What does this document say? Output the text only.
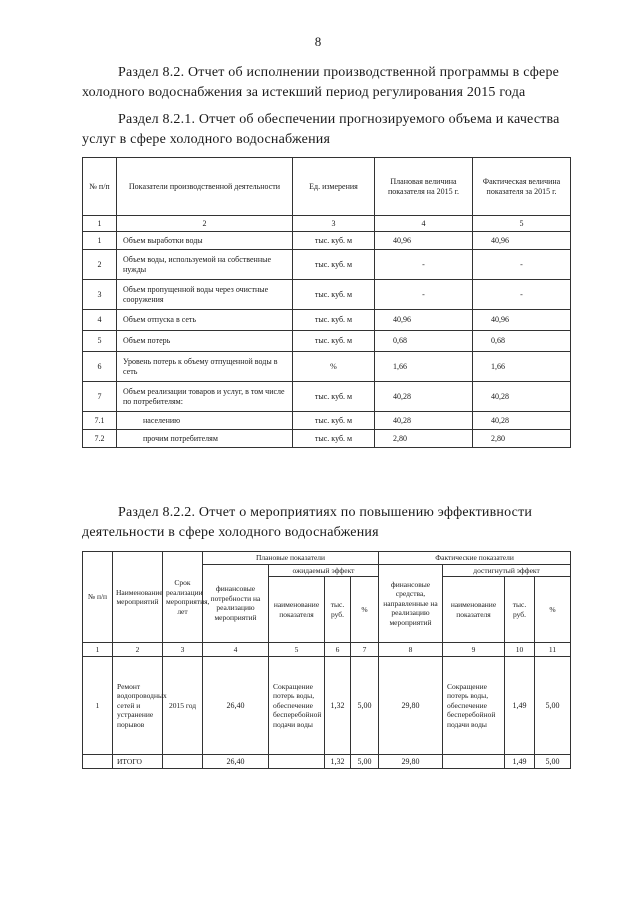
8
Раздел 8.2. Отчет об исполнении производственной программы в сфере холодного водоснабжения за истекший период регулирования 2015 года
Раздел 8.2.1. Отчет об обеспечении прогнозируемого объема и качества услуг в сфере холодного водоснабжения
№ п/п	Показатели производственной деятельности	Ед. измерения	Плановая величина показателя на 2015 г.	Фактическая величина показателя за 2015 г.
1	2	3	4	5
1	Объем выработки воды	тыс. куб. м	40,96	40,96
2	Объем воды, используемой на собственные нужды	тыс. куб. м	-	-
3	Объем пропущенной воды через очистные сооружения	тыс. куб. м	-	-
4	Объем отпуска в сеть	тыс. куб. м	40,96	40,96
5	Объем потерь	тыс. куб. м	0,68	0,68
6	Уровень потерь к объему отпущенной воды в сеть	%	1,66	1,66
7	Объем реализации товаров и услуг, в том числе по потребителям:	тыс. куб. м	40,28	40,28
7.1	населению	тыс. куб. м	40,28	40,28
7.2	прочим потребителям	тыс. куб. м	2,80	2,80
Раздел 8.2.2. Отчет о мероприятиях по повышению эффективности деятельности в сфере холодного водоснабжения
№ п/п	Наименование мероприятий	Срок реализации мероприятия, лет	Плановые показатели				Фактические показатели			
			финансовые потребности на реализацию мероприятий	ожидаемый эффект			финансовые средства, направленные на реализацию мероприятий	достигнутый эффект		
				наименование показателя	тыс. руб.	%		наименование показателя	тыс. руб.	%
1	2	3	4	5	6	7	8	9	10	11
1	Ремонт водопроводных сетей и устранение порывов	2015 год	26,40	Сокращение потерь воды, обеспечение бесперебойной подачи воды	1,32	5,00	29,80	Сокращение потерь воды, обеспечение бесперебойной подачи воды	1,49	5,00
	ИТОГО		26,40		1,32	5,00	29,80		1,49	5,00
